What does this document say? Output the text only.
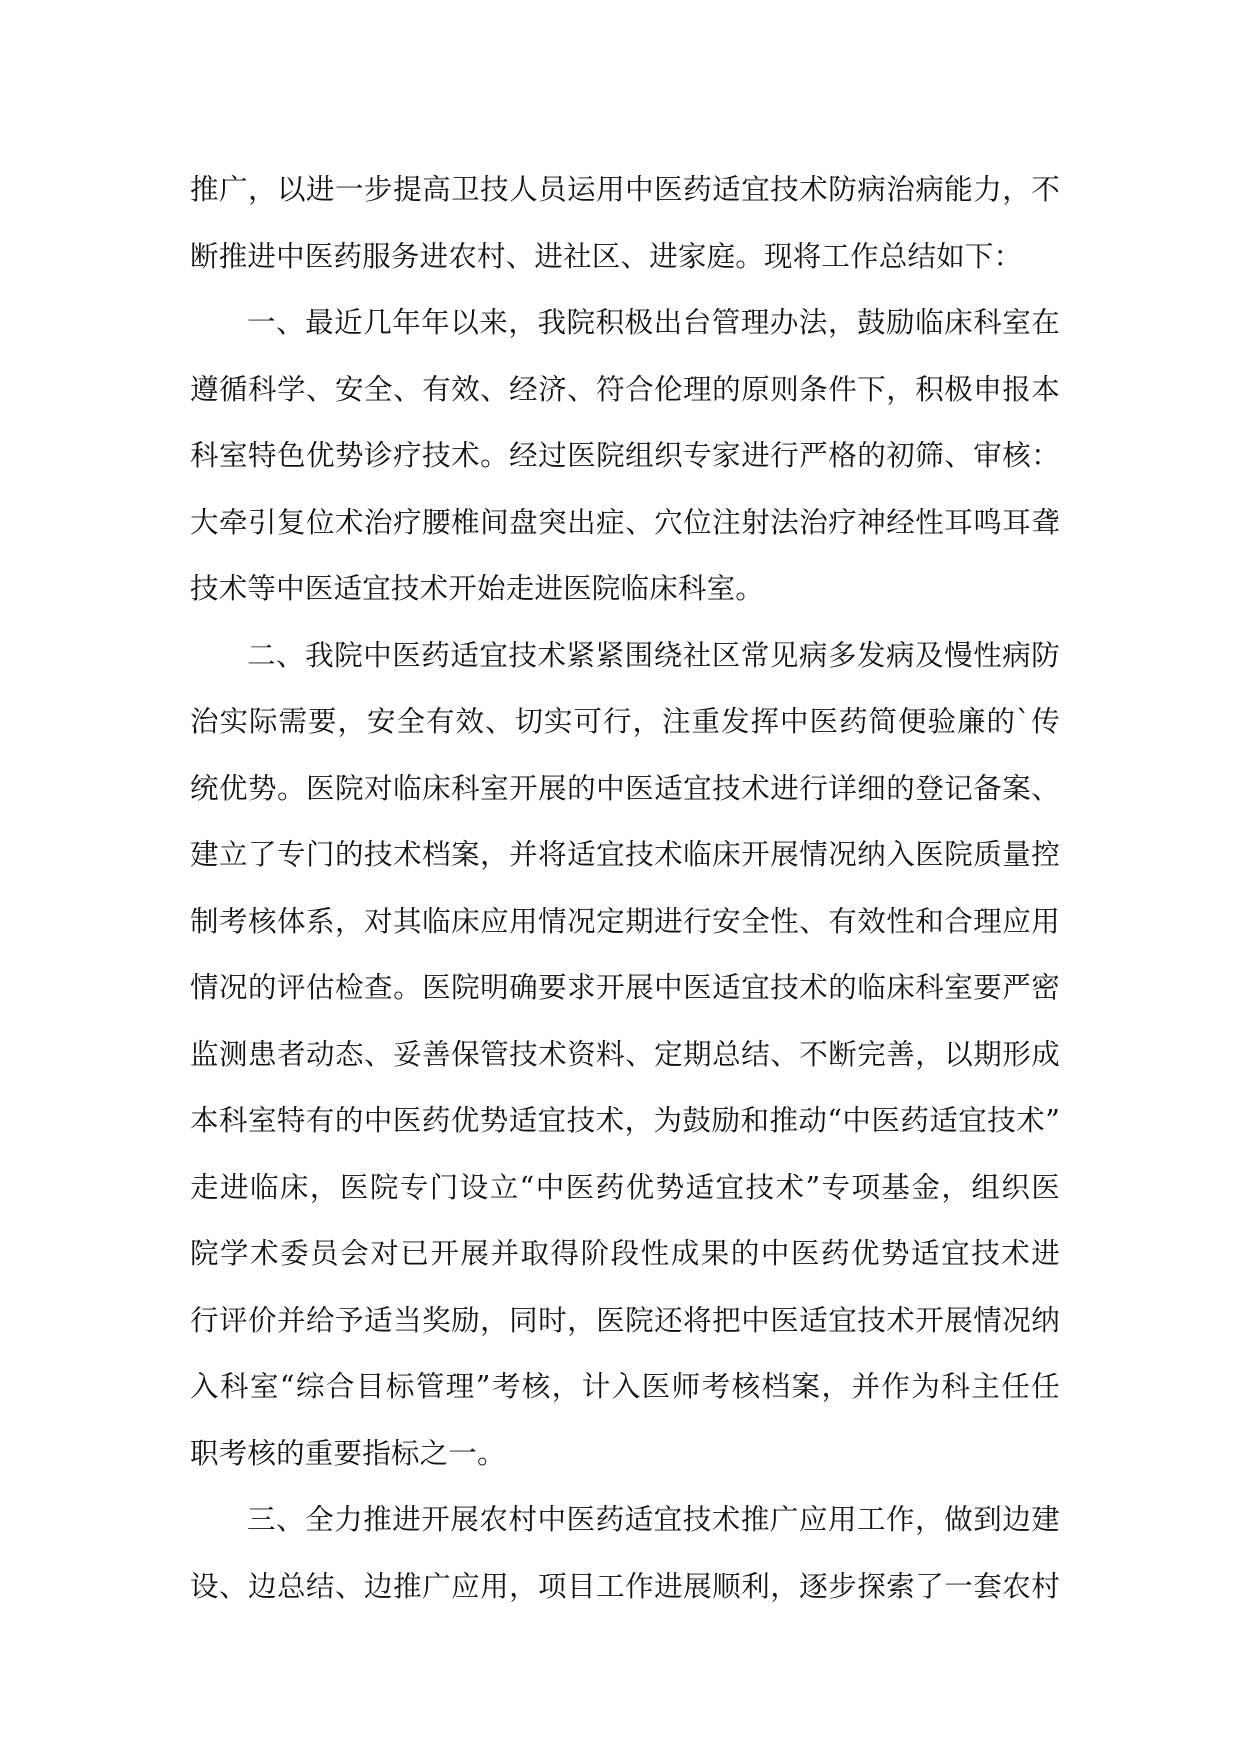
推广，以进一步提高卫技人员运用中医药适宜技术防病治病能力，不
断推进中医药服务进农村、进社区、进家庭。现将工作总结如下：
一、最近几年年以来，我院积极出台管理办法，鼓励临床科室在
遵循科学、安全、有效、经济、符合伦理的原则条件下，积极申报本
科室特色优势诊疗技术。经过医院组织专家进行严格的初筛、审核：
大牵引复位术治疗腰椎间盘突出症、穴位注射法治疗神经性耳鸣耳聋
技术等中医适宜技术开始走进医院临床科室。
二、我院中医药适宜技术紧紧围绕社区常见病多发病及慢性病防
治实际需要，安全有效、切实可行，注重发挥中医药简便验廉的`传
统优势。医院对临床科室开展的中医适宜技术进行详细的登记备案、
建立了专门的技术档案，并将适宜技术临床开展情况纳入医院质量控
制考核体系，对其临床应用情况定期进行安全性、有效性和合理应用
情况的评估检查。医院明确要求开展中医适宜技术的临床科室要严密
监测患者动态、妥善保管技术资料、定期总结、不断完善，以期形成
本科室特有的中医药优势适宜技术，为鼓励和推动“中医药适宜技术”
走进临床，医院专门设立“中医药优势适宜技术”专项基金，组织医
院学术委员会对已开展并取得阶段性成果的中医药优势适宜技术进
行评价并给予适当奖励，同时，医院还将把中医适宜技术开展情况纳
入科室“综合目标管理”考核，计入医师考核档案，并作为科主任任
职考核的重要指标之一。
三、全力推进开展农村中医药适宜技术推广应用工作，做到边建
设、边总结、边推广应用，项目工作进展顺利，逐步探索了一套农村
